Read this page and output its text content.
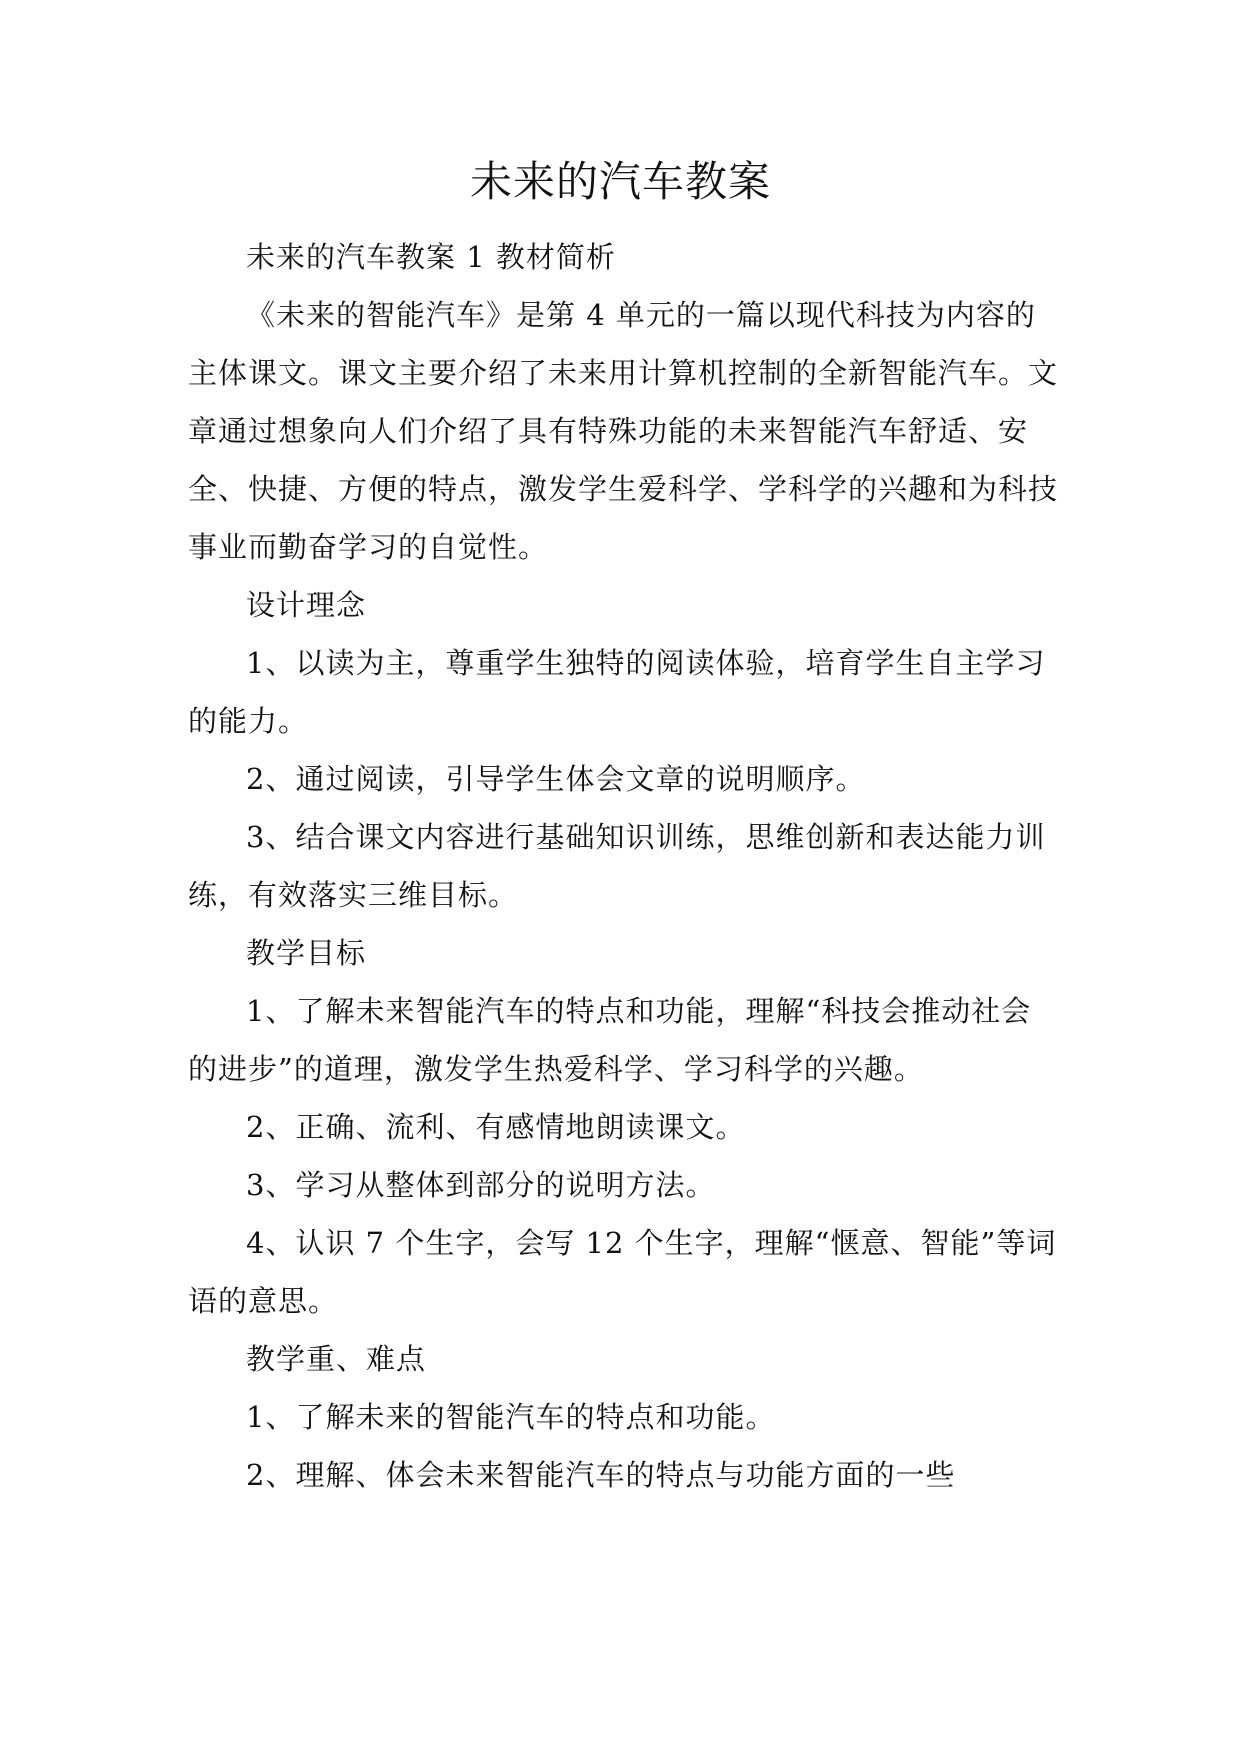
未来的汽车教案

未来的汽车教案 1 教材简析

《未来的智能汽车》是第 4 单元的一篇以现代科技为内容的主体课文。课文主要介绍了未来用计算机控制的全新智能汽车。文章通过想象向人们介绍了具有特殊功能的未来智能汽车舒适、安全、快捷、方便的特点，激发学生爱科学、学科学的兴趣和为科技事业而勤奋学习的自觉性。

设计理念

1、以读为主，尊重学生独特的阅读体验，培育学生自主学习的能力。

2、通过阅读，引导学生体会文章的说明顺序。

3、结合课文内容进行基础知识训练，思维创新和表达能力训练，有效落实三维目标。

教学目标

1、了解未来智能汽车的特点和功能，理解“科技会推动社会的进步”的道理，激发学生热爱科学、学习科学的兴趣。

2、正确、流利、有感情地朗读课文。

3、学习从整体到部分的说明方法。

4、认识 7 个生字，会写 12 个生字，理解“惬意、智能”等词语的意思。

教学重、难点

1、了解未来的智能汽车的特点和功能。

2、理解、体会未来智能汽车的特点与功能方面的一些
